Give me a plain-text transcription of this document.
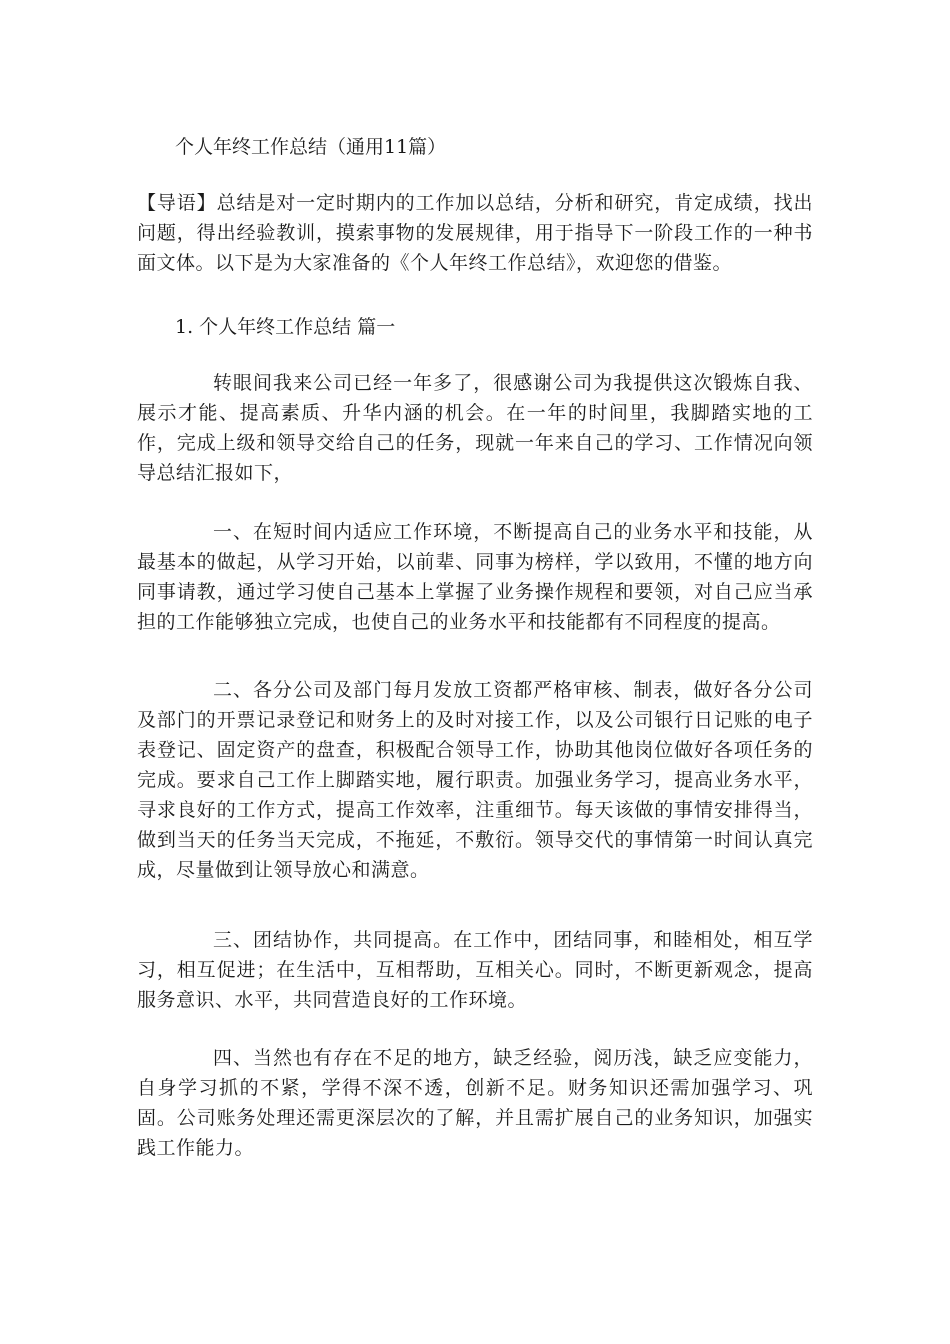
个人年终工作总结（通用11篇）

【导语】总结是对一定时期内的工作加以总结，分析和研究，肯定成绩，找出问题，得出经验教训，摸索事物的发展规律，用于指导下一阶段工作的一种书面文体。以下是为大家准备的《个人年终工作总结》，欢迎您的借鉴。

1. 个人年终工作总结 篇一

转眼间我来公司已经一年多了，很感谢公司为我提供这次锻炼自我、展示才能、提高素质、升华内涵的机会。在一年的时间里，我脚踏实地的工作，完成上级和领导交给自己的任务，现就一年来自己的学习、工作情况向领导总结汇报如下，

一、在短时间内适应工作环境，不断提高自己的业务水平和技能，从最基本的做起，从学习开始，以前辈、同事为榜样，学以致用，不懂的地方向同事请教，通过学习使自己基本上掌握了业务操作规程和要领，对自己应当承担的工作能够独立完成，也使自己的业务水平和技能都有不同程度的提高。

二、各分公司及部门每月发放工资都严格审核、制表，做好各分公司及部门的开票记录登记和财务上的及时对接工作，以及公司银行日记账的电子表登记、固定资产的盘查，积极配合领导工作，协助其他岗位做好各项任务的完成。要求自己工作上脚踏实地，履行职责。加强业务学习，提高业务水平，寻求良好的工作方式，提高工作效率，注重细节。每天该做的事情安排得当，做到当天的任务当天完成，不拖延，不敷衍。领导交代的事情第一时间认真完成，尽量做到让领导放心和满意。

三、团结协作，共同提高。在工作中，团结同事，和睦相处，相互学习，相互促进；在生活中，互相帮助，互相关心。同时，不断更新观念，提高服务意识、水平，共同营造良好的工作环境。

四、当然也有存在不足的地方，缺乏经验，阅历浅，缺乏应变能力，自身学习抓的不紧，学得不深不透，创新不足。财务知识还需加强学习、巩固。公司账务处理还需更深层次的了解，并且需扩展自己的业务知识，加强实践工作能力。
